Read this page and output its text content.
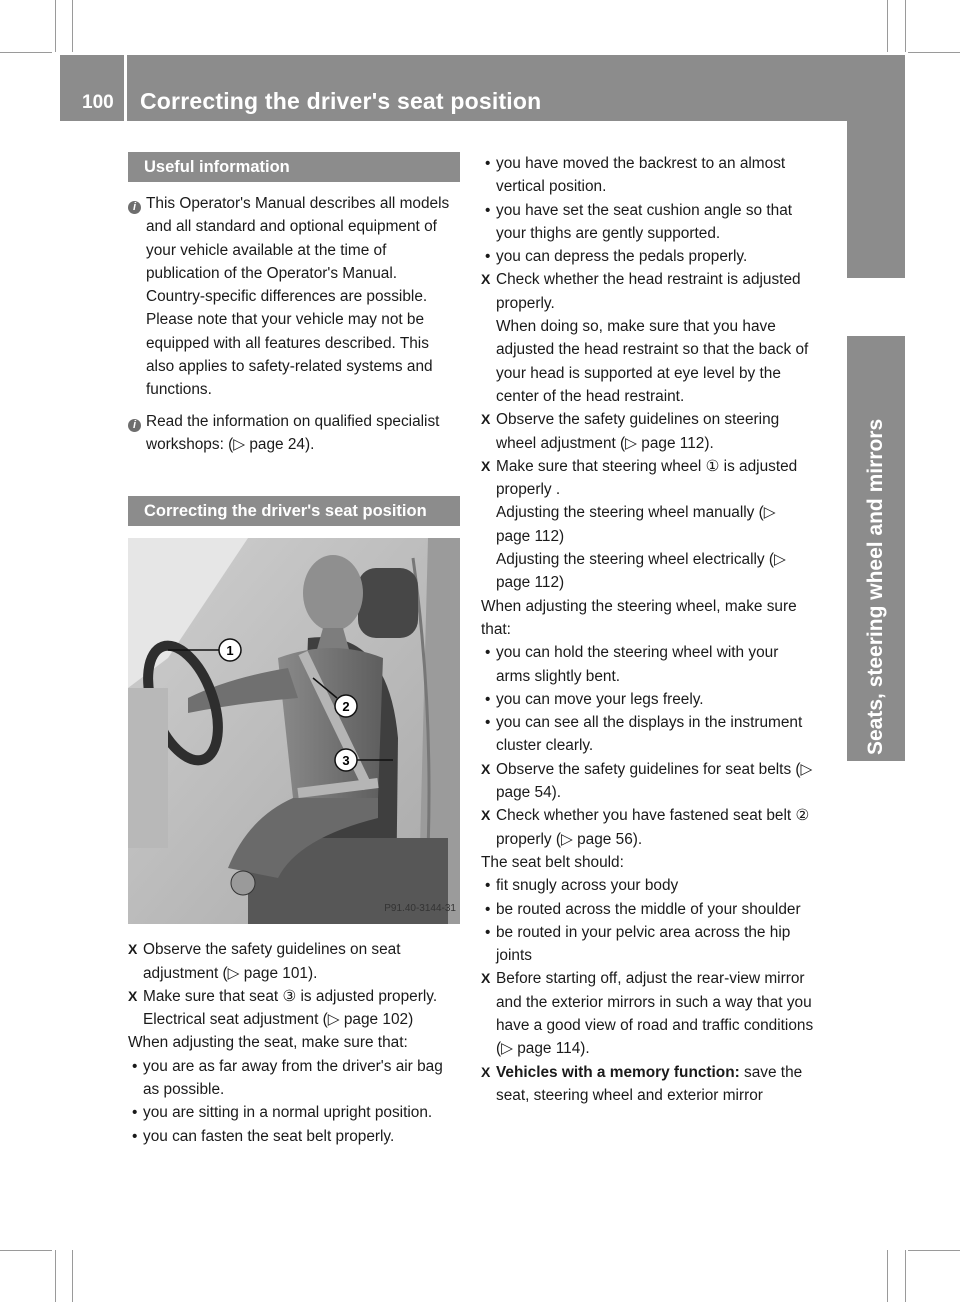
100 Correcting the driver's seat position
Seats, steering wheel and mirrors
Useful information
i This Operator's Manual describes all models and all standard and optional equipment of your vehicle available at the time of publication of the Operator's Manual. Country-specific differences are possible. Please note that your vehicle may not be equipped with all features described. This also applies to safety-related systems and functions.

i Read the information on qualified specialist workshops: (▷ page 24).

Correcting the driver's seat position
1
2
3
P91.40-3144-31
X Observe the safety guidelines on seat adjustment (▷ page 101).

X Make sure that seat ③ is adjusted properly.

Electrical seat adjustment (▷ page 102)

When adjusting the seat, make sure that:

• you are as far away from the driver's air bag as possible.

• you are sitting in a normal upright position.

• you can fasten the seat belt properly.

• you have moved the backrest to an almost vertical position.

• you have set the seat cushion angle so that your thighs are gently supported.

• you can depress the pedals properly.

X Check whether the head restraint is adjusted properly.

When doing so, make sure that you have adjusted the head restraint so that the back of your head is supported at eye level by the center of the head restraint.

X Observe the safety guidelines on steering wheel adjustment (▷ page 112).

X Make sure that steering wheel ① is adjusted properly .

Adjusting the steering wheel manually (▷ page 112)

Adjusting the steering wheel electrically (▷ page 112)

When adjusting the steering wheel, make sure that:

• you can hold the steering wheel with your arms slightly bent.

• you can move your legs freely.

• you can see all the displays in the instrument cluster clearly.

X Observe the safety guidelines for seat belts (▷ page 54).

X Check whether you have fastened seat belt ② properly (▷ page 56).

The seat belt should:

• fit snugly across your body

• be routed across the middle of your shoulder

• be routed in your pelvic area across the hip joints

X Before starting off, adjust the rear-view mirror and the exterior mirrors in such a way that you have a good view of road and traffic conditions (▷ page 114).

X Vehicles with a memory function: save the seat, steering wheel and exterior mirror
